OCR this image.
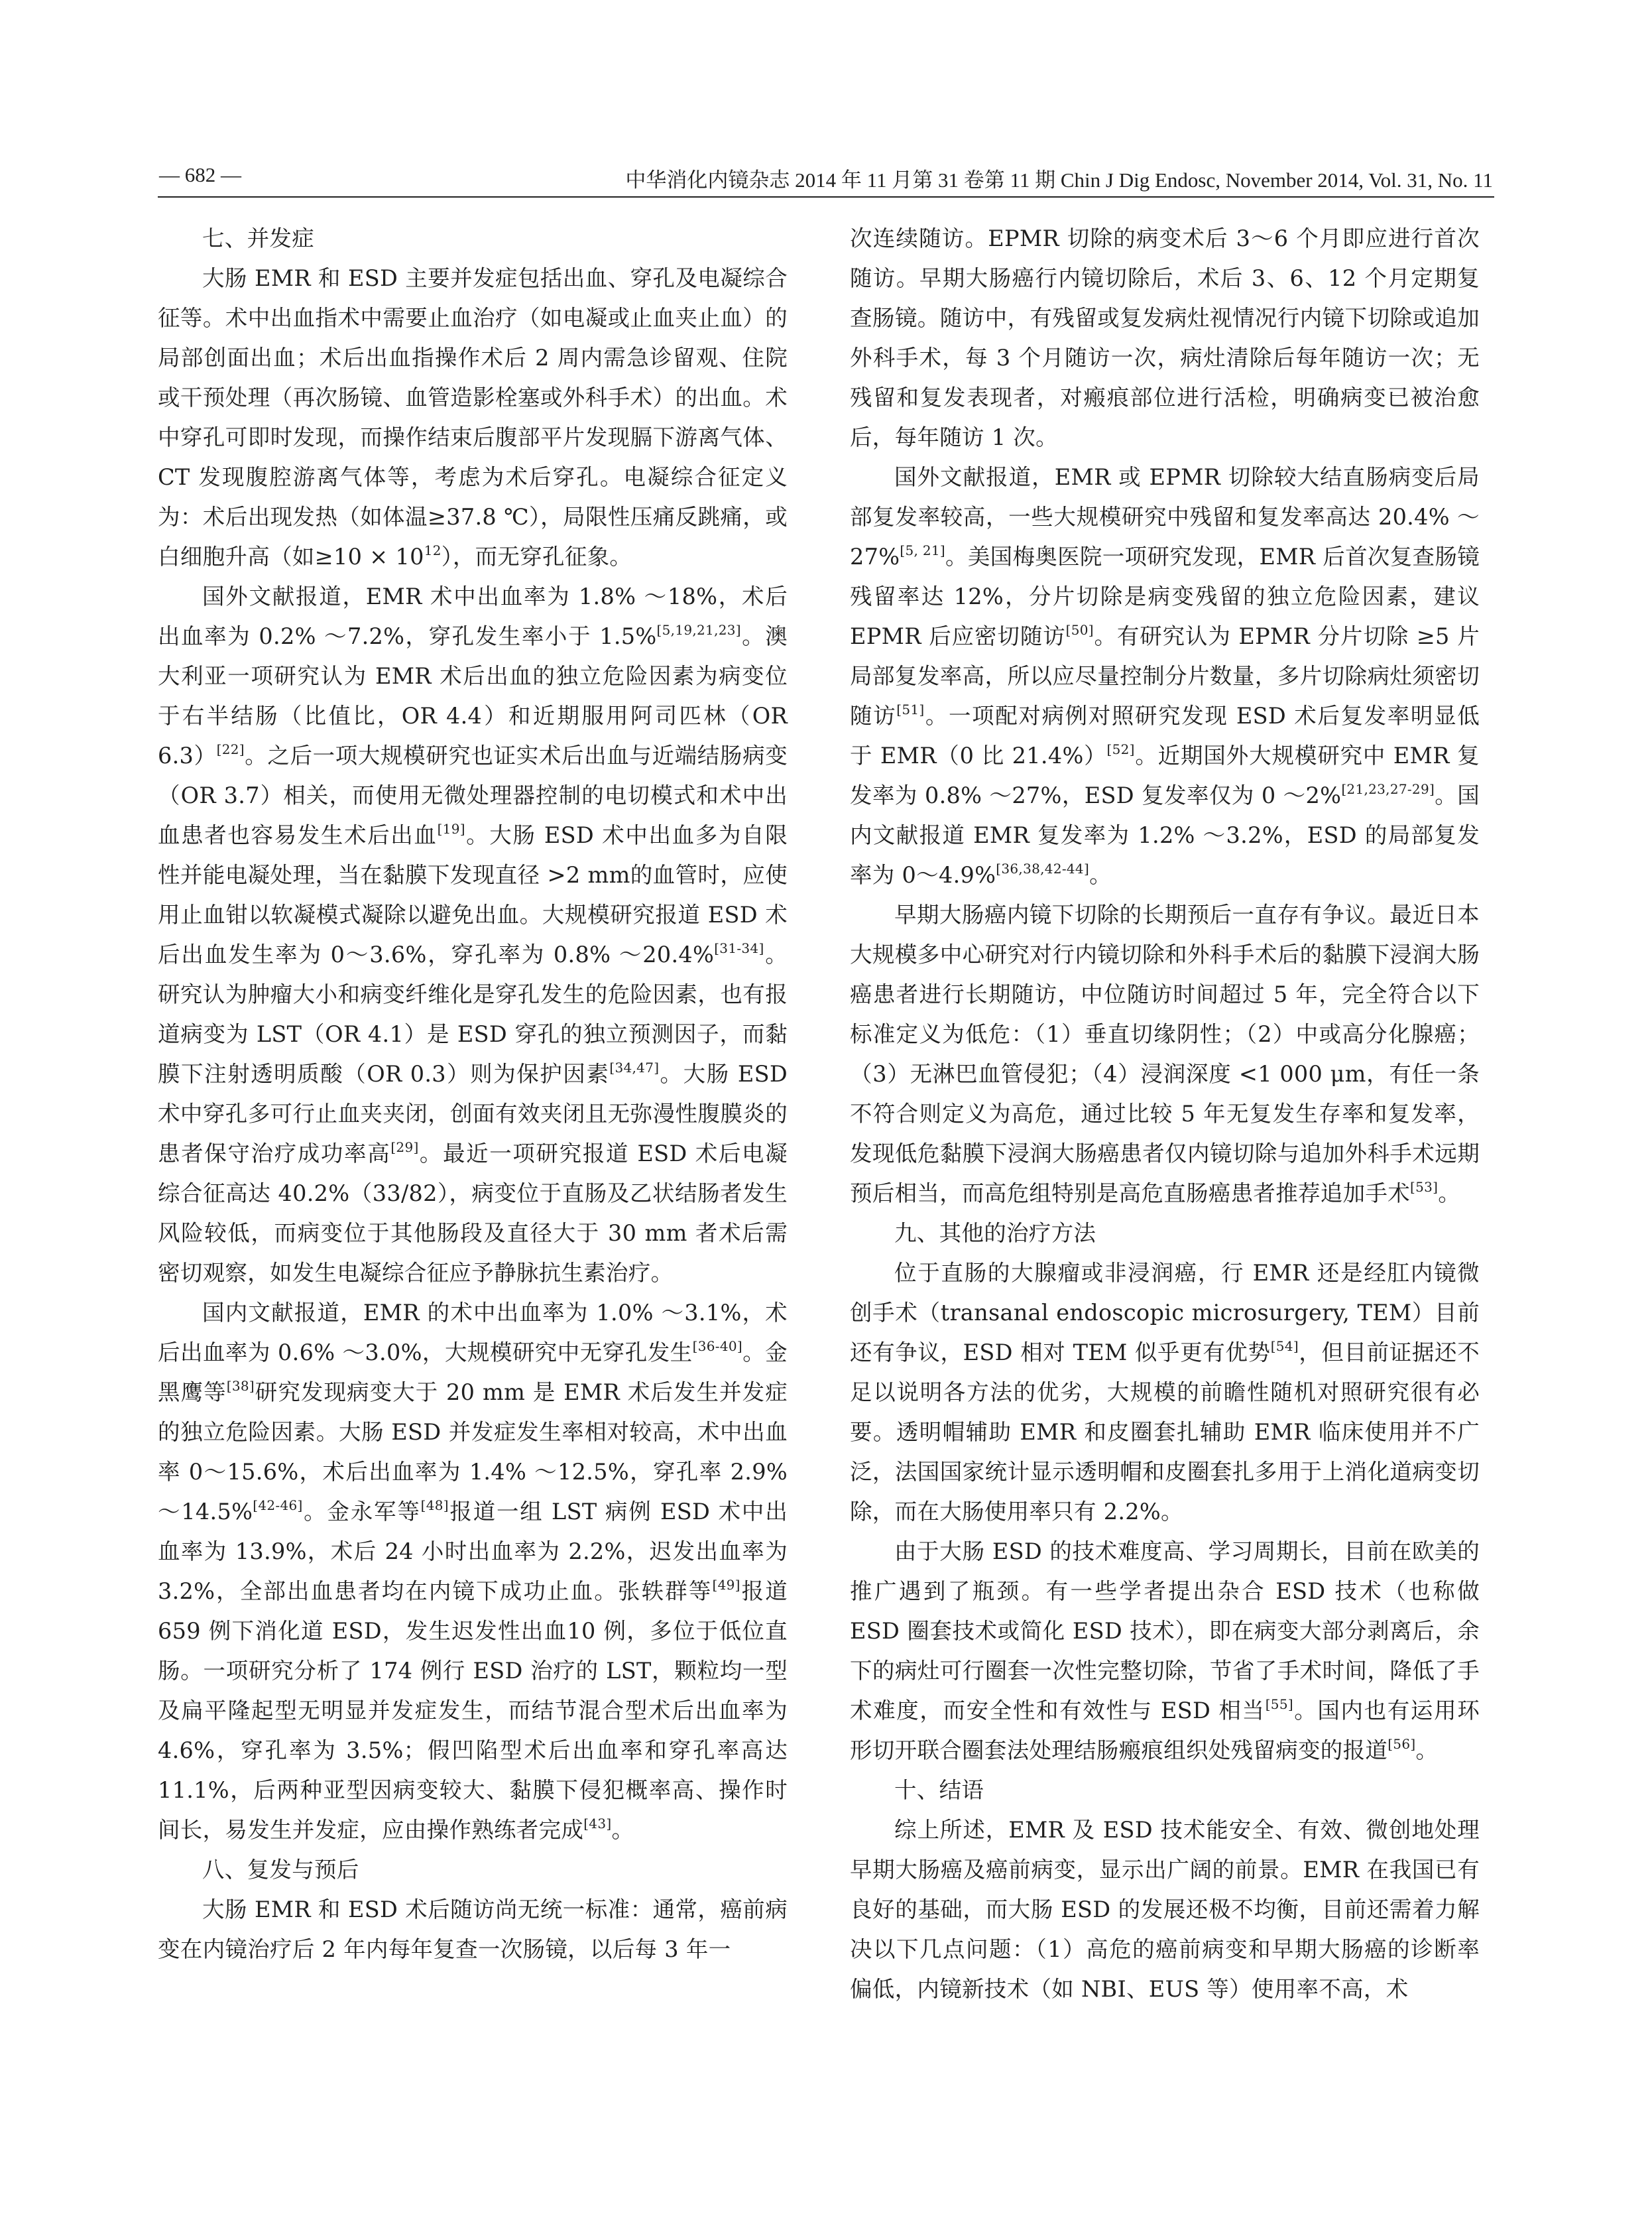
— 682 —	中华消化内镜杂志 2014 年 11 月第 31 卷第 11 期 Chin J Dig Endosc, November 2014, Vol. 31, No. 11
七、并发症

大肠 EMR 和 ESD 主要并发症包括出血、穿孔及电凝综合征等。术中出血指术中需要止血治疗（如电凝或止血夹止血）的局部创面出血；术后出血指操作术后 2 周内需急诊留观、住院或干预处理（再次肠镜、血管造影栓塞或外科手术）的出血。术中穿孔可即时发现，而操作结束后腹部平片发现膈下游离气体、CT 发现腹腔游离气体等，考虑为术后穿孔。电凝综合征定义为：术后出现发热（如体温≥37.8 ℃），局限性压痛反跳痛，或白细胞升高（如$\ge 10 \times 10^{12}$），而无穿孔征象。

国外文献报道，EMR 术中出血率为 1.8% ～18%，术后出血率为 0.2% ～7.2%，穿孔发生率小于 1.5%[5,19,21,23]。澳大利亚一项研究认为 EMR 术后出血的独立危险因素为病变位于右半结肠（比值比，OR 4.4）和近期服用阿司匹林（OR 6.3）[22]。之后一项大规模研究也证实术后出血与近端结肠病变（OR 3.7）相关，而使用无微处理器控制的电切模式和术中出血患者也容易发生术后出血[19]。大肠 ESD 术中出血多为自限性并能电凝处理，当在黏膜下发现直径 >2 mm的血管时，应使用止血钳以软凝模式凝除以避免出血。大规模研究报道 ESD 术后出血发生率为 0～3.6%，穿孔率为 0.8% ～20.4%[31-34]。研究认为肿瘤大小和病变纤维化是穿孔发生的危险因素，也有报道病变为 LST（OR 4.1）是 ESD 穿孔的独立预测因子，而黏膜下注射透明质酸（OR 0.3）则为保护因素[34,47]。大肠 ESD 术中穿孔多可行止血夹夹闭，创面有效夹闭且无弥漫性腹膜炎的患者保守治疗成功率高[29]。最近一项研究报道 ESD 术后电凝综合征高达 40.2%（33/82），病变位于直肠及乙状结肠者发生风险较低，而病变位于其他肠段及直径大于 30 mm 者术后需密切观察，如发生电凝综合征应予静脉抗生素治疗。

国内文献报道，EMR 的术中出血率为 1.0% ～3.1%，术后出血率为 0.6% ～3.0%，大规模研究中无穿孔发生[36-40]。金黑鹰等[38]研究发现病变大于 20 mm 是 EMR 术后发生并发症的独立危险因素。大肠 ESD 并发症发生率相对较高，术中出血率 0～15.6%，术后出血率为 1.4% ～12.5%，穿孔率 2.9% ～14.5%[42-46]。金永军等[48]报道一组 LST 病例 ESD 术中出血率为 13.9%，术后 24 小时出血率为 2.2%，迟发出血率为 3.2%，全部出血患者均在内镜下成功止血。张轶群等[49]报道 659 例下消化道 ESD，发生迟发性出血10 例，多位于低位直肠。一项研究分析了 174 例行 ESD 治疗的 LST，颗粒均一型及扁平隆起型无明显并发症发生，而结节混合型术后出血率为 4.6%，穿孔率为 3.5%；假凹陷型术后出血率和穿孔率高达 11.1%，后两种亚型因病变较大、黏膜下侵犯概率高、操作时间长，易发生并发症，应由操作熟练者完成[43]。

八、复发与预后

大肠 EMR 和 ESD 术后随访尚无统一标准：通常，癌前病变在内镜治疗后 2 年内每年复查一次肠镜，以后每 3 年一

次连续随访。EPMR 切除的病变术后 3～6 个月即应进行首次随访。早期大肠癌行内镜切除后，术后 3、6、12 个月定期复查肠镜。随访中，有残留或复发病灶视情况行内镜下切除或追加外科手术，每 3 个月随访一次，病灶清除后每年随访一次；无残留和复发表现者，对瘢痕部位进行活检，明确病变已被治愈后，每年随访 1 次。

国外文献报道，EMR 或 EPMR 切除较大结直肠病变后局部复发率较高，一些大规模研究中残留和复发率高达 20.4% ～27%[5, 21]。美国梅奥医院一项研究发现，EMR 后首次复查肠镜残留率达 12%，分片切除是病变残留的独立危险因素，建议 EPMR 后应密切随访[50]。有研究认为 EPMR 分片切除 ≥5 片局部复发率高，所以应尽量控制分片数量，多片切除病灶须密切随访[51]。一项配对病例对照研究发现 ESD 术后复发率明显低于 EMR（0 比 21.4%）[52]。近期国外大规模研究中 EMR 复发率为 0.8% ～27%，ESD 复发率仅为 0 ～2%[21,23,27-29]。国内文献报道 EMR 复发率为 1.2% ～3.2%，ESD 的局部复发率为 0～4.9%[36,38,42-44]。

早期大肠癌内镜下切除的长期预后一直存有争议。最近日本大规模多中心研究对行内镜切除和外科手术后的黏膜下浸润大肠癌患者进行长期随访，中位随访时间超过 5 年，完全符合以下标准定义为低危：（1）垂直切缘阴性；（2）中或高分化腺癌；（3）无淋巴血管侵犯；（4）浸润深度 <1 000 μm，有任一条不符合则定义为高危，通过比较 5 年无复发生存率和复发率，发现低危黏膜下浸润大肠癌患者仅内镜切除与追加外科手术远期预后相当，而高危组特别是高危直肠癌患者推荐追加手术[53]。

九、其他的治疗方法

位于直肠的大腺瘤或非浸润癌，行 EMR 还是经肛内镜微创手术（transanal endoscopic microsurgery, TEM）目前还有争议，ESD 相对 TEM 似乎更有优势[54]，但目前证据还不足以说明各方法的优劣，大规模的前瞻性随机对照研究很有必要。透明帽辅助 EMR 和皮圈套扎辅助 EMR 临床使用并不广泛，法国国家统计显示透明帽和皮圈套扎多用于上消化道病变切除，而在大肠使用率只有 2.2%。

由于大肠 ESD 的技术难度高、学习周期长，目前在欧美的推广遇到了瓶颈。有一些学者提出杂合 ESD 技术（也称做 ESD 圈套技术或简化 ESD 技术），即在病变大部分剥离后，余下的病灶可行圈套一次性完整切除，节省了手术时间，降低了手术难度，而安全性和有效性与 ESD 相当[55]。国内也有运用环形切开联合圈套法处理结肠瘢痕组织处残留病变的报道[56]。

十、结语

综上所述，EMR 及 ESD 技术能安全、有效、微创地处理早期大肠癌及癌前病变，显示出广阔的前景。EMR 在我国已有良好的基础，而大肠 ESD 的发展还极不均衡，目前还需着力解决以下几点问题：（1）高危的癌前病变和早期大肠癌的诊断率偏低，内镜新技术（如 NBI、EUS 等）使用率不高，术
